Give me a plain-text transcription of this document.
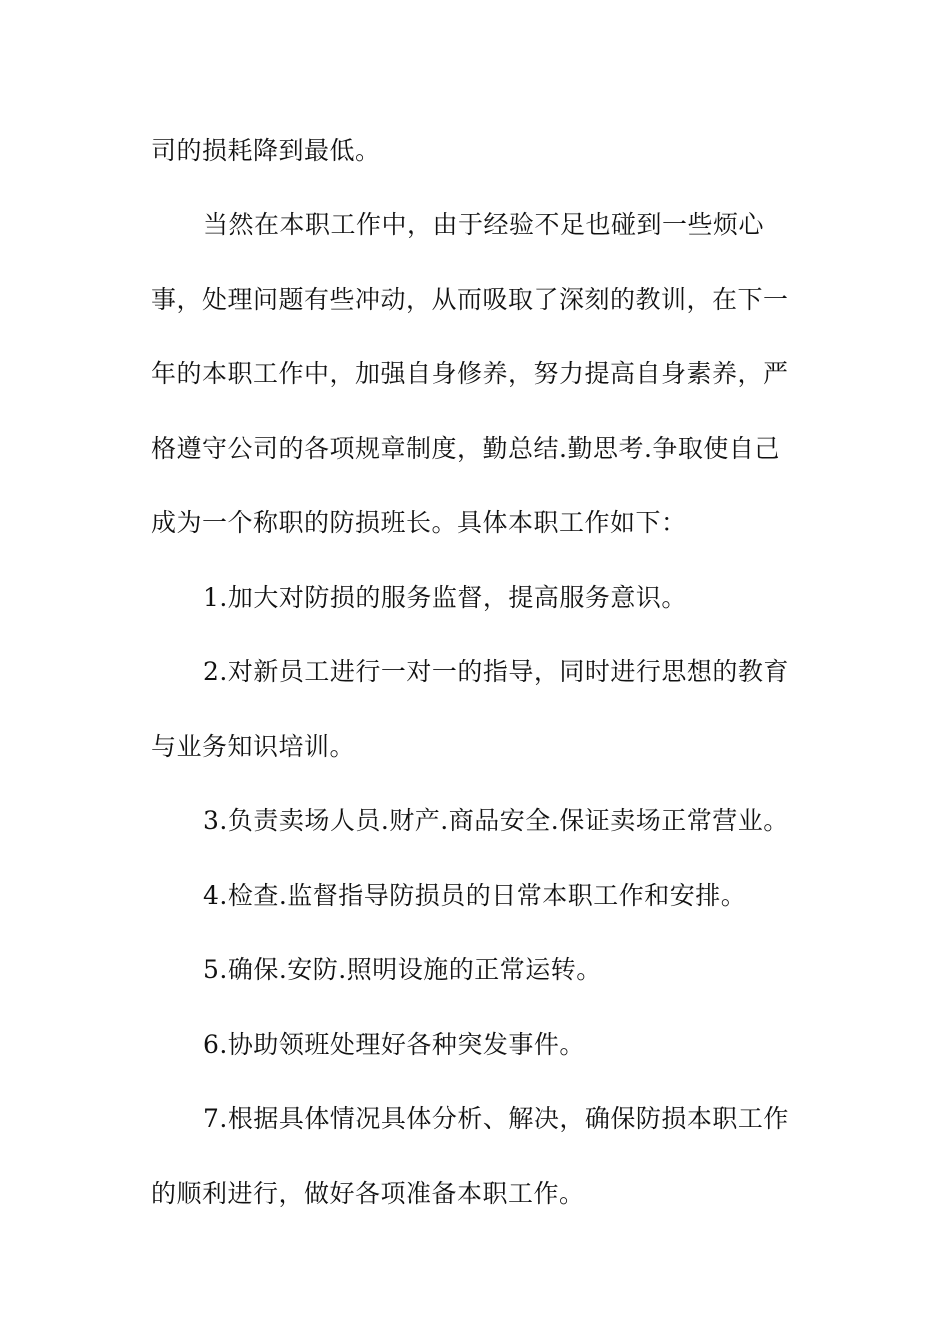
司的损耗降到最低。
当然在本职工作中，由于经验不足也碰到一些烦心
事，处理问题有些冲动，从而吸取了深刻的教训，在下一
年的本职工作中，加强自身修养，努力提高自身素养，严
格遵守公司的各项规章制度，勤总结.勤思考.争取使自己
成为一个称职的防损班长。具体本职工作如下：
1.加大对防损的服务监督，提高服务意识。
2.对新员工进行一对一的指导，同时进行思想的教育
与业务知识培训。
3.负责卖场人员.财产.商品安全.保证卖场正常营业。
4.检查.监督指导防损员的日常本职工作和安排。
5.确保.安防.照明设施的正常运转。
6.协助领班处理好各种突发事件。
7.根据具体情况具体分析、解决，确保防损本职工作
的顺利进行，做好各项准备本职工作。
